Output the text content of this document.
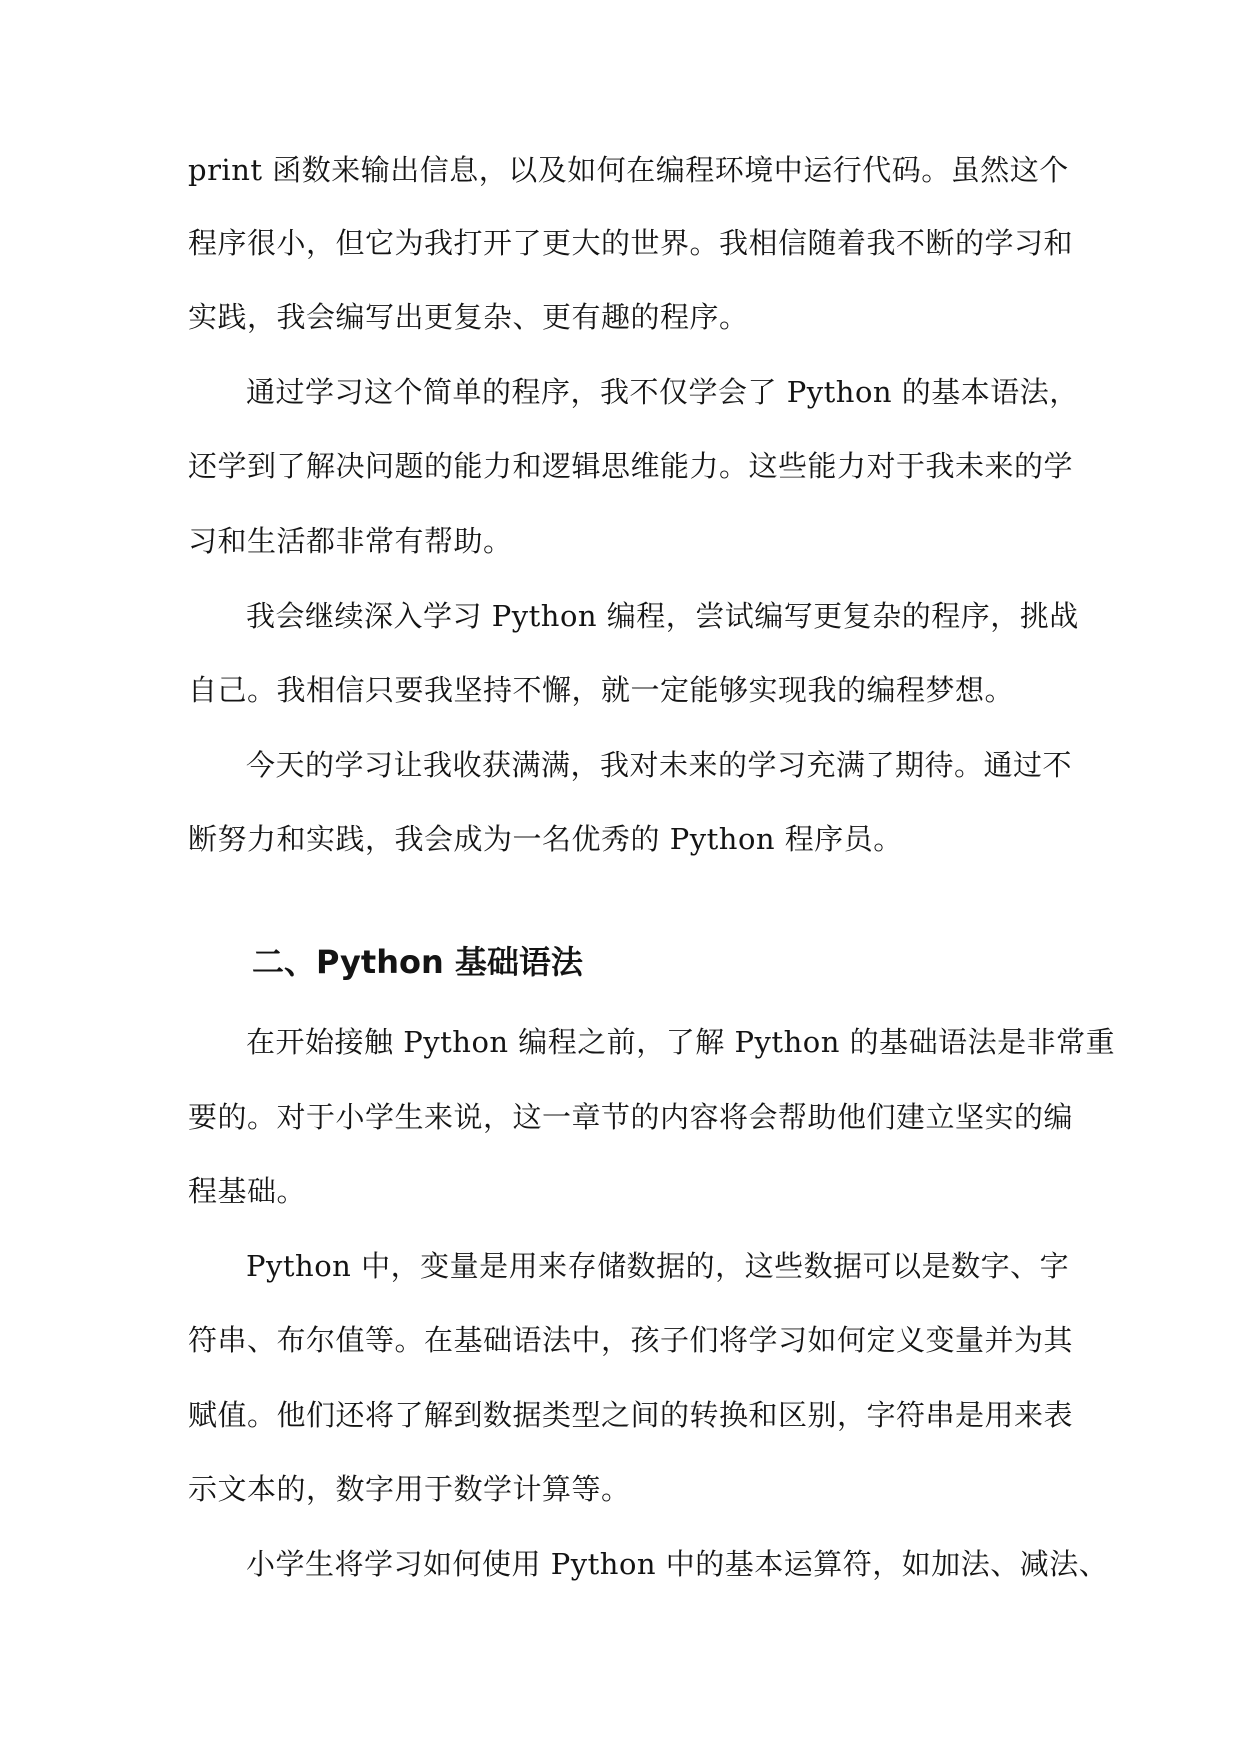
print 函数来输出信息，以及如何在编程环境中运行代码。虽然这个
程序很小，但它为我打开了更大的世界。我相信随着我不断的学习和
实践，我会编写出更复杂、更有趣的程序。
通过学习这个简单的程序，我不仅学会了 Python 的基本语法，
还学到了解决问题的能力和逻辑思维能力。这些能力对于我未来的学
习和生活都非常有帮助。
我会继续深入学习 Python 编程，尝试编写更复杂的程序，挑战
自己。我相信只要我坚持不懈，就一定能够实现我的编程梦想。
今天的学习让我收获满满，我对未来的学习充满了期待。通过不
断努力和实践，我会成为一名优秀的 Python 程序员。
二、Python 基础语法
在开始接触 Python 编程之前，了解 Python 的基础语法是非常重
要的。对于小学生来说，这一章节的内容将会帮助他们建立坚实的编
程基础。
Python 中，变量是用来存储数据的，这些数据可以是数字、字
符串、布尔值等。在基础语法中，孩子们将学习如何定义变量并为其
赋值。他们还将了解到数据类型之间的转换和区别，字符串是用来表
示文本的，数字用于数学计算等。
小学生将学习如何使用 Python 中的基本运算符，如加法、减法、
